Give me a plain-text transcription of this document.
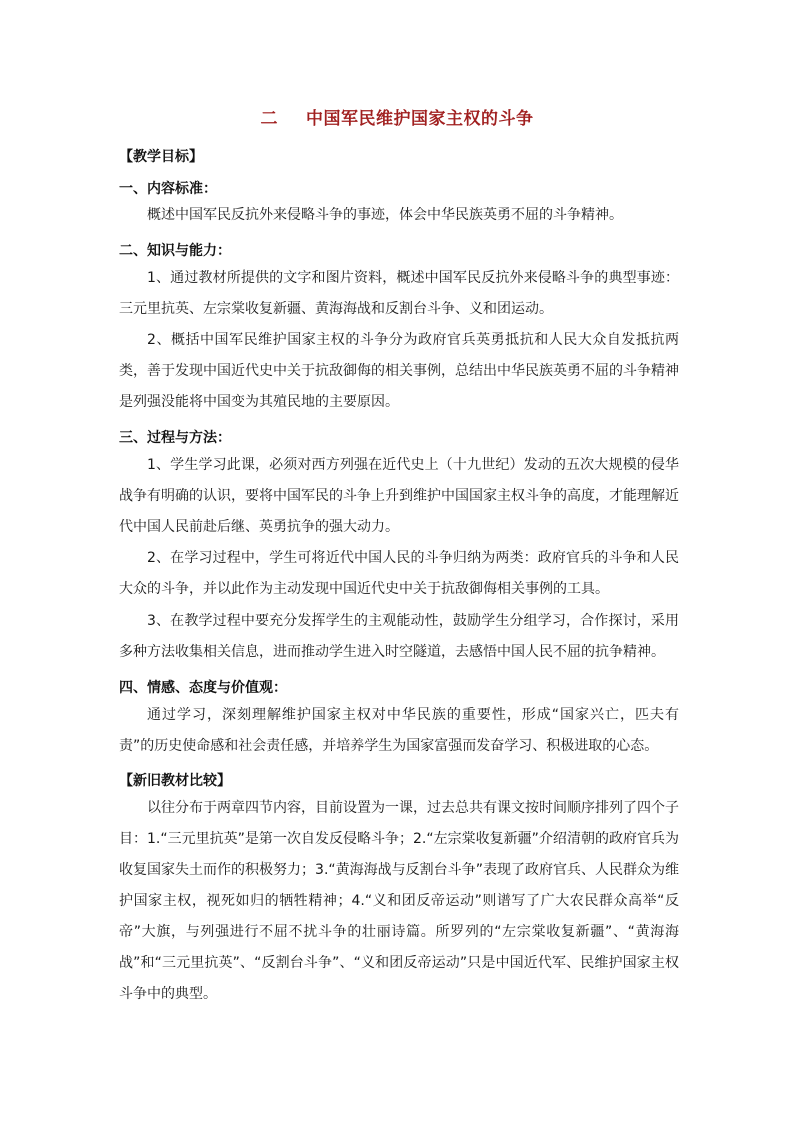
二 中国军民维护国家主权的斗争
【教学目标】
一、内容标准：
概述中国军民反抗外来侵略斗争的事迹，体会中华民族英勇不屈的斗争精神。
二、知识与能力：
1、通过教材所提供的文字和图片资料，概述中国军民反抗外来侵略斗争的典型事迹：三元里抗英、左宗棠收复新疆、黄海海战和反割台斗争、义和团运动。
2、概括中国军民维护国家主权的斗争分为政府官兵英勇抵抗和人民大众自发抵抗两类，善于发现中国近代史中关于抗敌御侮的相关事例，总结出中华民族英勇不屈的斗争精神是列强没能将中国变为其殖民地的主要原因。
三、过程与方法：
1、学生学习此课，必须对西方列强在近代史上（十九世纪）发动的五次大规模的侵华战争有明确的认识，要将中国军民的斗争上升到维护中国国家主权斗争的高度，才能理解近代中国人民前赴后继、英勇抗争的强大动力。
2、在学习过程中，学生可将近代中国人民的斗争归纳为两类：政府官兵的斗争和人民大众的斗争，并以此作为主动发现中国近代史中关于抗敌御侮相关事例的工具。
3、在教学过程中要充分发挥学生的主观能动性，鼓励学生分组学习，合作探讨，采用多种方法收集相关信息，进而推动学生进入时空隧道，去感悟中国人民不屈的抗争精神。
四、情感、态度与价值观：
通过学习，深刻理解维护国家主权对中华民族的重要性，形成“国家兴亡，匹夫有责”的历史使命感和社会责任感，并培养学生为国家富强而发奋学习、积极进取的心态。
【新旧教材比较】
以往分布于两章四节内容，目前设置为一课，过去总共有课文按时间顺序排列了四个子目：1.“三元里抗英”是第一次自发反侵略斗争；2.“左宗棠收复新疆”介绍清朝的政府官兵为收复国家失土而作的积极努力；3.“黄海海战与反割台斗争”表现了政府官兵、人民群众为维护国家主权，视死如归的牺牲精神；4.“义和团反帝运动”则谱写了广大农民群众高举“反帝”大旗，与列强进行不屈不扰斗争的壮丽诗篇。所罗列的“左宗棠收复新疆”、“黄海海战”和“三元里抗英”、“反割台斗争”、“义和团反帝运动”只是中国近代军、民维护国家主权斗争中的典型。
